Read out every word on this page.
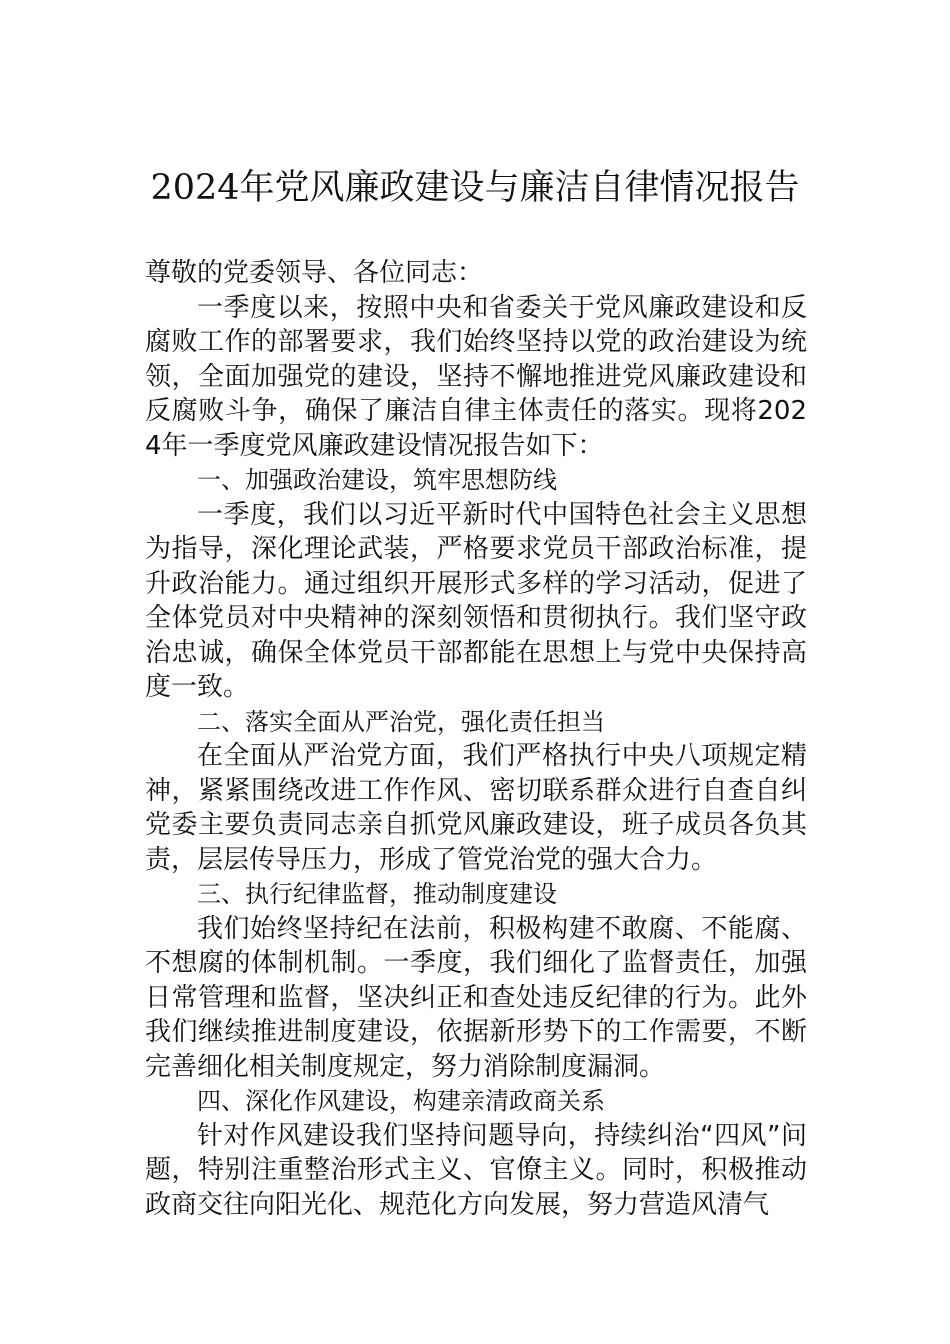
2024年党风廉政建设与廉洁自律情况报告

尊敬的党委领导、各位同志：

一季度以来，按照中央和省委关于党风廉政建设和反腐败工作的部署要求，我们始终坚持以党的政治建设为统领，全面加强党的建设，坚持不懈地推进党风廉政建设和反腐败斗争，确保了廉洁自律主体责任的落实。现将2024年一季度党风廉政建设情况报告如下：

一、加强政治建设，筑牢思想防线

一季度，我们以习近平新时代中国特色社会主义思想为指导，深化理论武装，严格要求党员干部政治标准，提升政治能力。通过组织开展形式多样的学习活动，促进了全体党员对中央精神的深刻领悟和贯彻执行。我们坚守政治忠诚，确保全体党员干部都能在思想上与党中央保持高度一致。

二、落实全面从严治党，强化责任担当

在全面从严治党方面，我们严格执行中央八项规定精神，紧紧围绕改进工作作风、密切联系群众进行自查自纠党委主要负责同志亲自抓党风廉政建设，班子成员各负其责，层层传导压力，形成了管党治党的强大合力。

三、执行纪律监督，推动制度建设

我们始终坚持纪在法前，积极构建不敢腐、不能腐、不想腐的体制机制。一季度，我们细化了监督责任，加强日常管理和监督，坚决纠正和查处违反纪律的行为。此外我们继续推进制度建设，依据新形势下的工作需要，不断完善细化相关制度规定，努力消除制度漏洞。

四、深化作风建设，构建亲清政商关系

针对作风建设我们坚持问题导向，持续纠治“四风”问题，特别注重整治形式主义、官僚主义。同时，积极推动政商交往向阳光化、规范化方向发展，努力营造风清气
